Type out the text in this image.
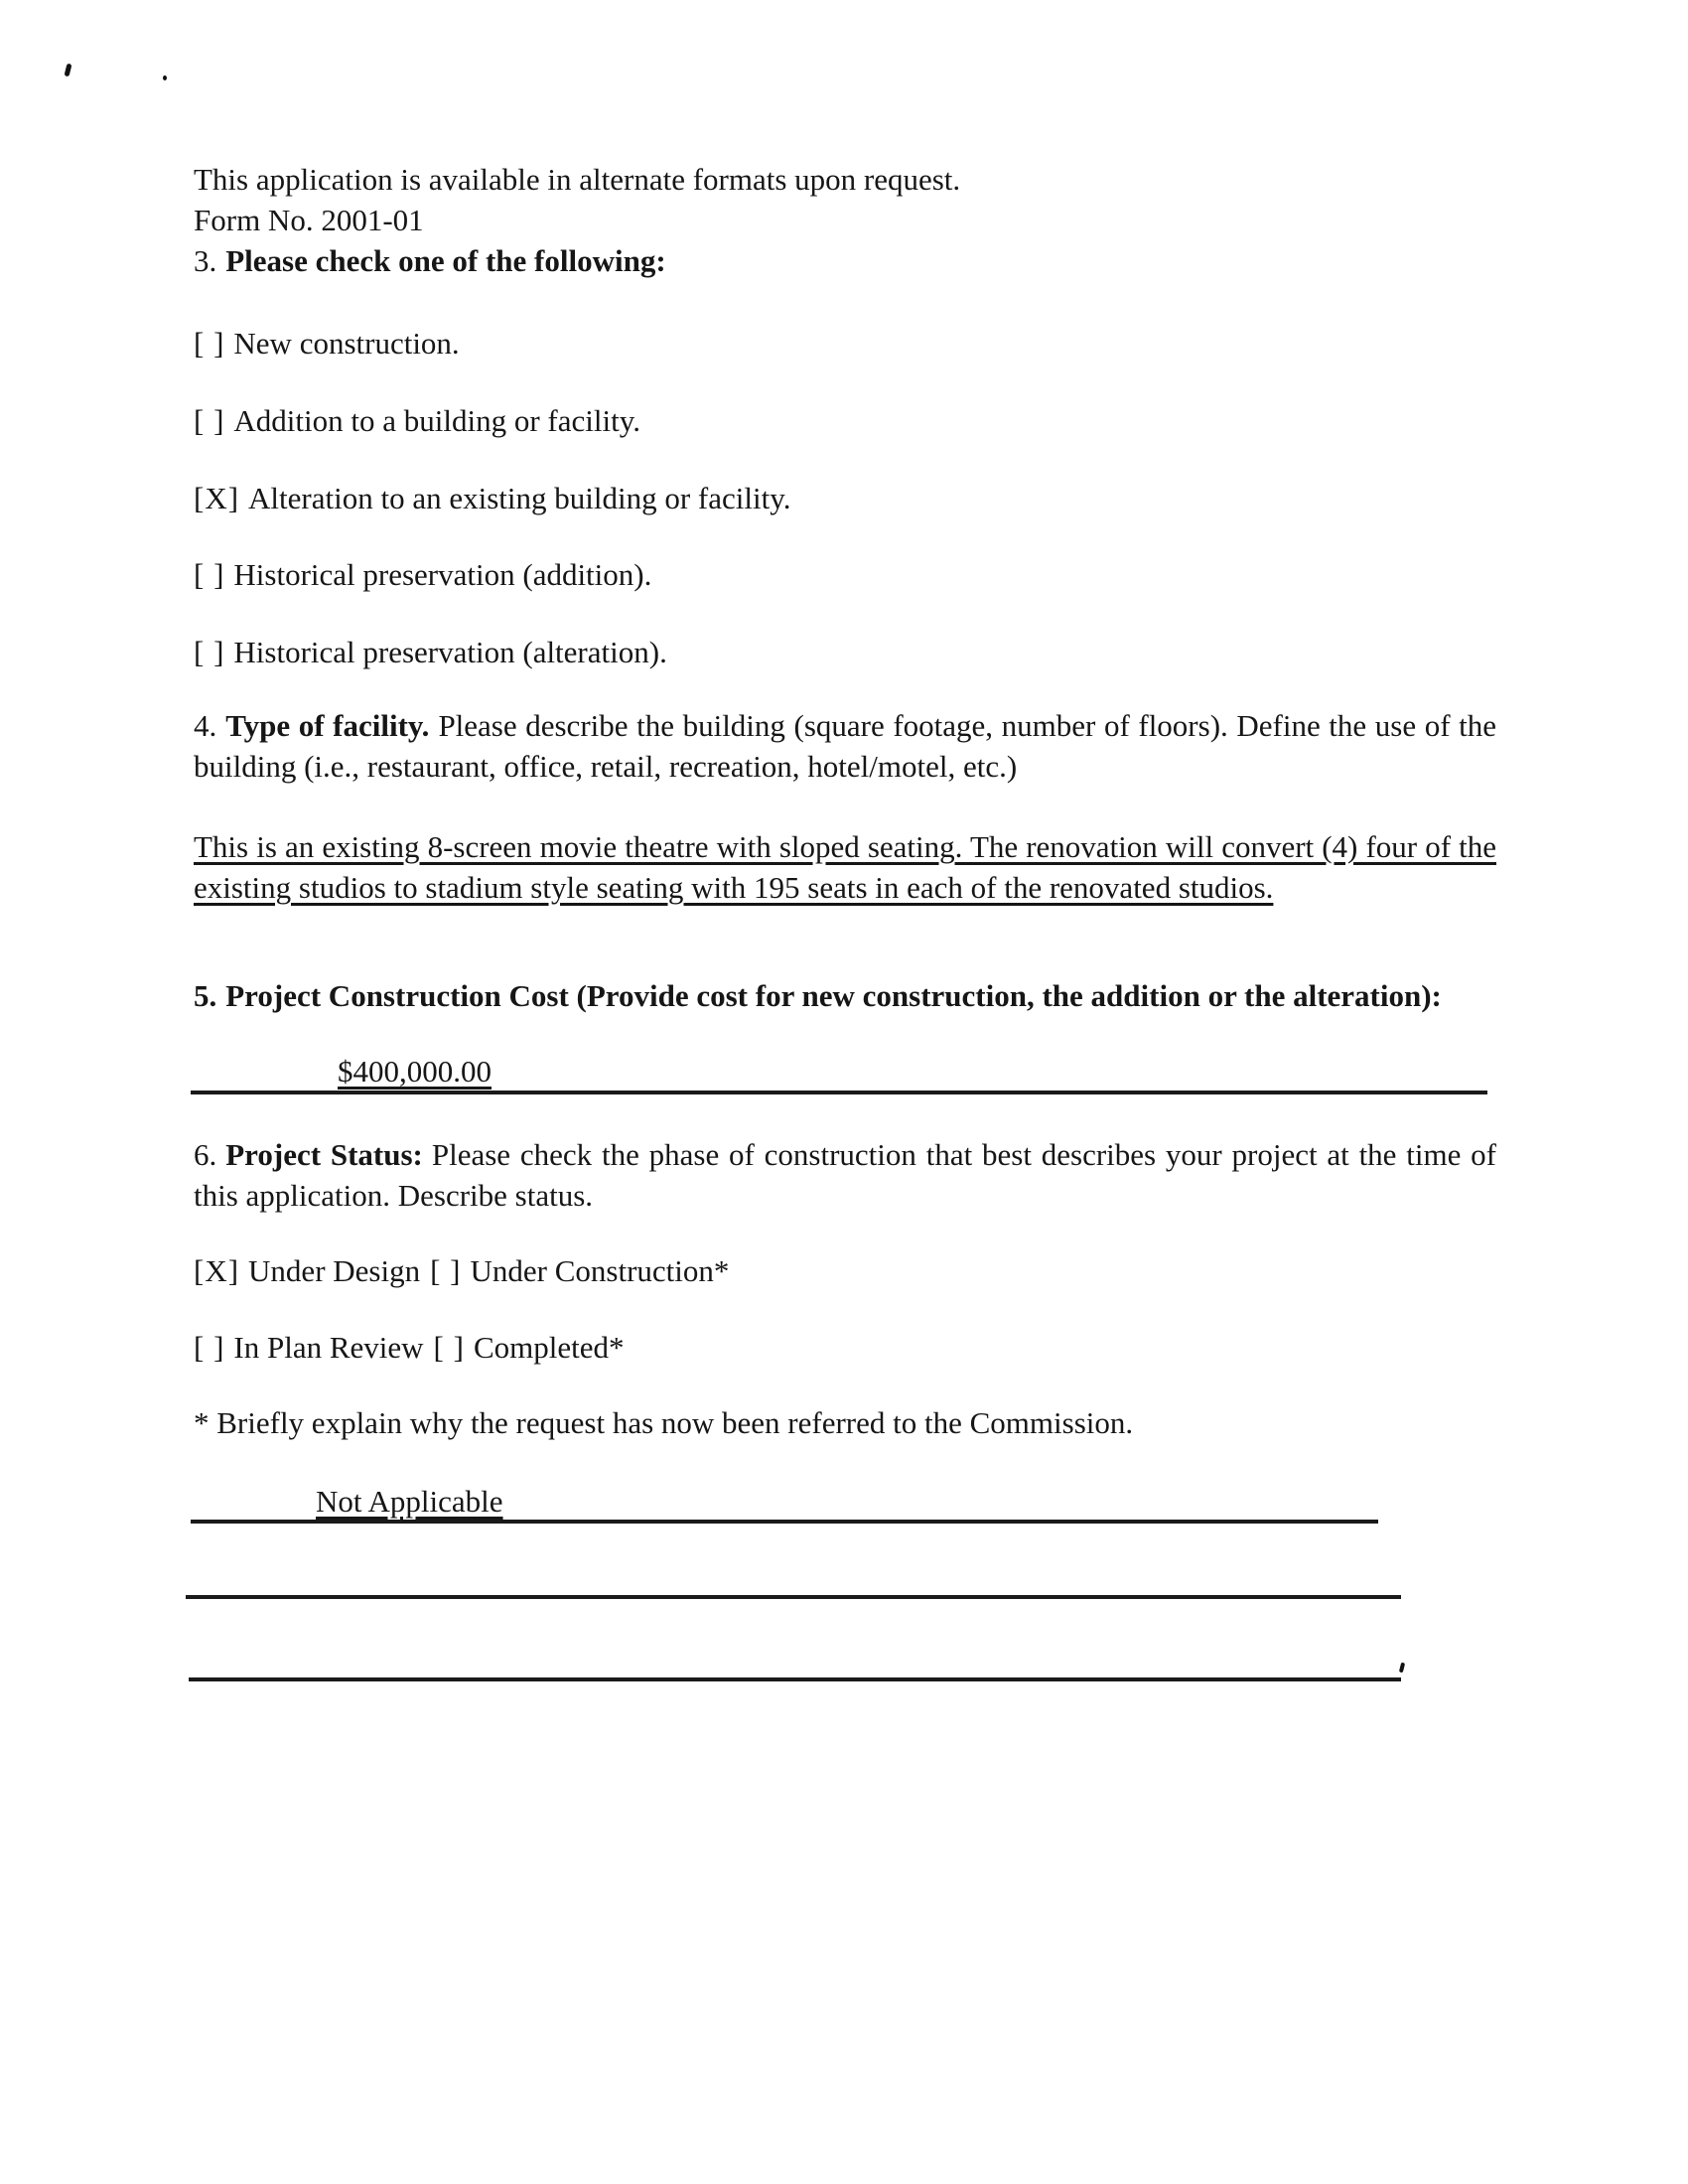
This application is available in alternate formats upon request.
Form No. 2001-01
3. Please check one of the following:
[ ] New construction.
[ ] Addition to a building or facility.
[X] Alteration to an existing building or facility.
[ ] Historical preservation (addition).
[ ] Historical preservation (alteration).
4. Type of facility. Please describe the building (square footage, number of floors). Define the use of the building (i.e., restaurant, office, retail, recreation, hotel/motel, etc.)
This is an existing 8-screen movie theatre with sloped seating. The renovation will convert (4) four of the existing studios to stadium style seating with 195 seats in each of the renovated studios.
5. Project Construction Cost (Provide cost for new construction, the addition or the alteration):
$400,000.00
6. Project Status: Please check the phase of construction that best describes your project at the time of this application. Describe status.
[X] Under Design [ ] Under Construction*
[ ] In Plan Review [ ] Completed*
* Briefly explain why the request has now been referred to the Commission.
Not Applicable
